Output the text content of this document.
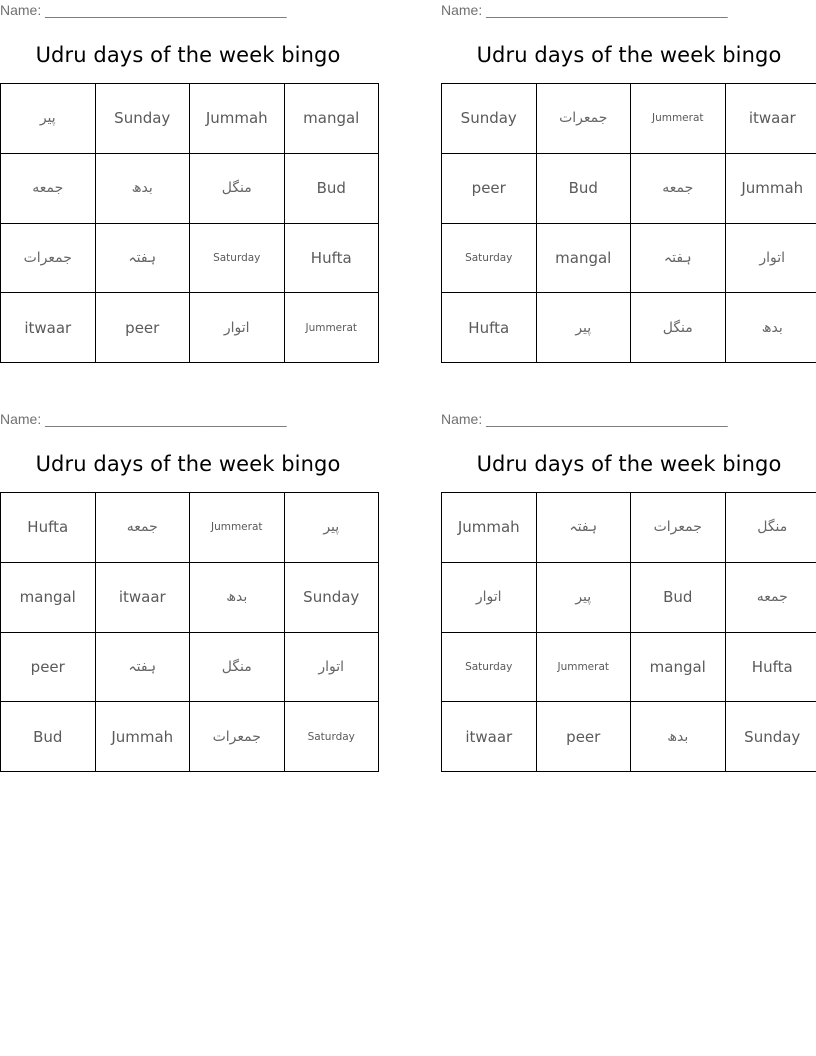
Name: _______________________________
Udru days of the week bingo
پیر	Sunday	Jummah	mangal
جمعه	بدھ	منگل	Bud
جمعرات	ہفتہ	Saturday	Hufta
itwaar	peer	اتوار	Jummerat
Name: _______________________________
Udru days of the week bingo
Sunday	جمعرات	Jummerat	itwaar
peer	Bud	جمعه	Jummah
Saturday	mangal	ہفتہ	اتوار
Hufta	پیر	منگل	بدھ
Name: _______________________________
Udru days of the week bingo
Hufta	جمعه	Jummerat	پیر
mangal	itwaar	بدھ	Sunday
peer	ہفتہ	منگل	اتوار
Bud	Jummah	جمعرات	Saturday
Name: _______________________________
Udru days of the week bingo
Jummah	ہفتہ	جمعرات	منگل
اتوار	پیر	Bud	جمعه
Saturday	Jummerat	mangal	Hufta
itwaar	peer	بدھ	Sunday
